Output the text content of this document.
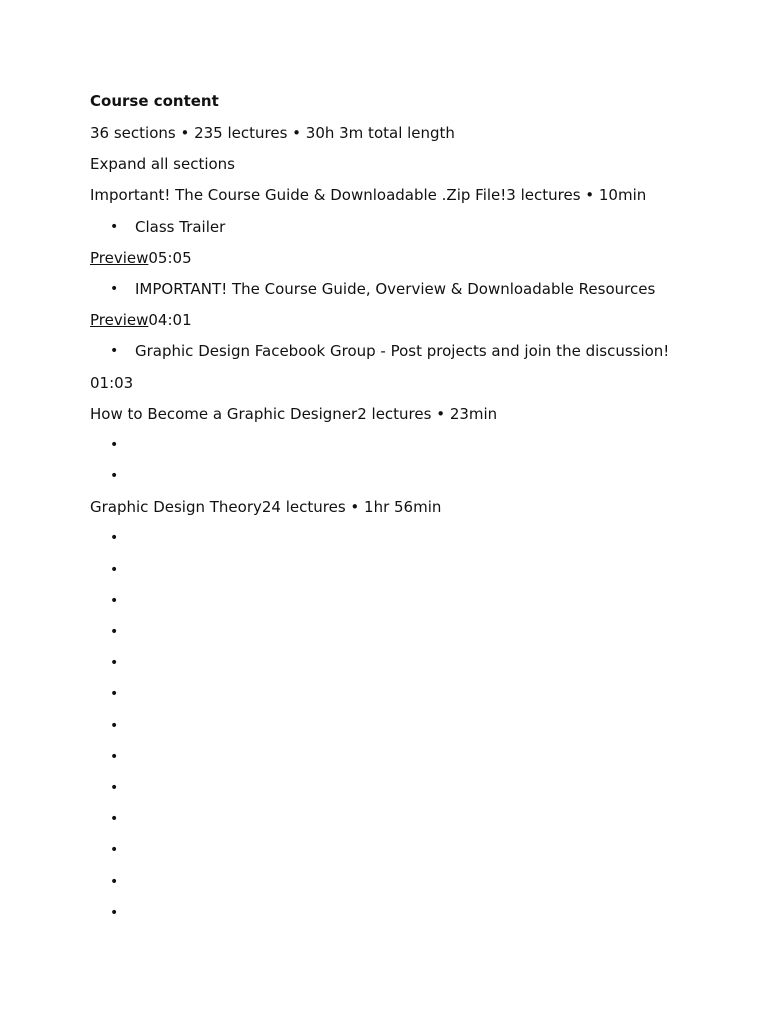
Course content
36 sections • 235 lectures • 30h 3m total length
Expand all sections
Important! The Course Guide & Downloadable .Zip File!3 lectures • 10min
• Class Trailer
Preview05:05
• IMPORTANT! The Course Guide, Overview & Downloadable Resources
Preview04:01
• Graphic Design Facebook Group - Post projects and join the discussion!
01:03
How to Become a Graphic Designer2 lectures • 23min
•
•
Graphic Design Theory24 lectures • 1hr 56min
•
•
•
•
•
•
•
•
•
•
•
•
•
